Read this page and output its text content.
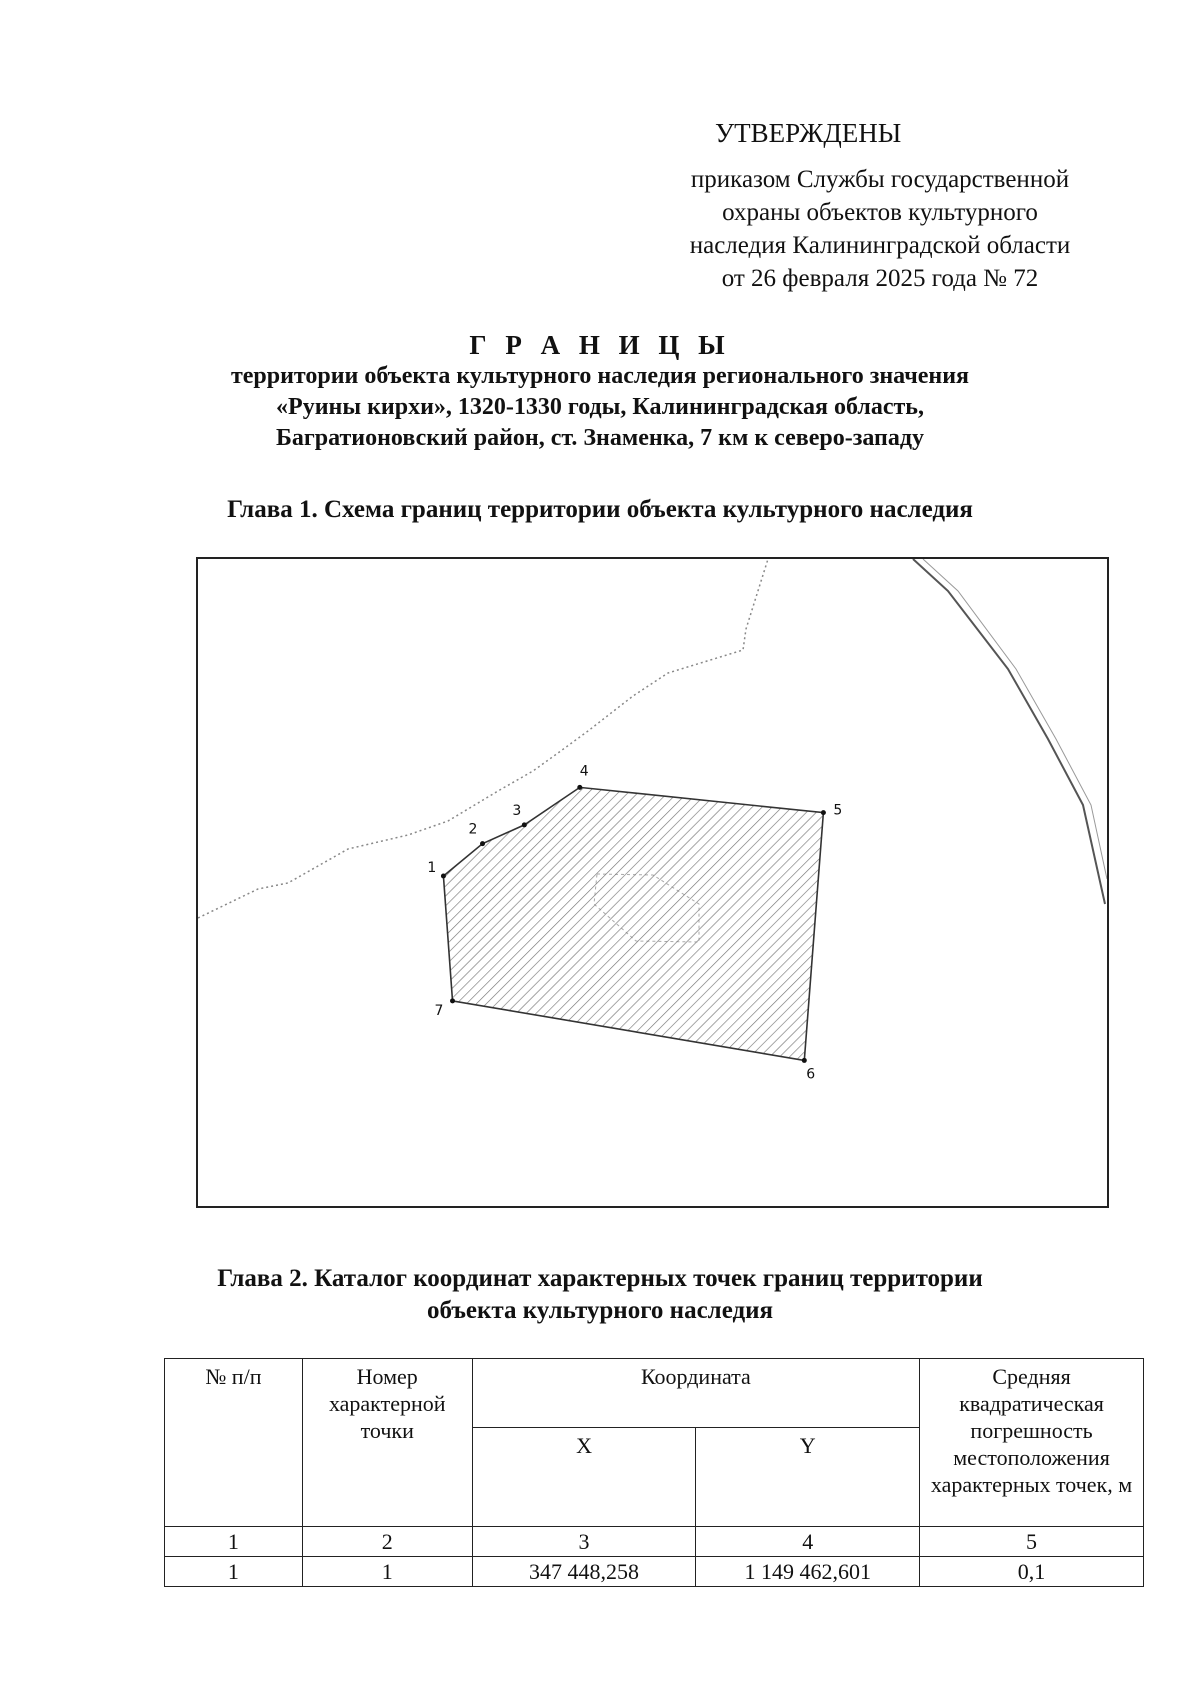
УТВЕРЖДЕНЫ
приказом Службы государственной
охраны объектов культурного
наследия Калининградской области
от 26 февраля 2025 года № 72
Г Р А Н И Ц Ы
территории объекта культурного наследия регионального значения
«Руины кирхи», 1320-1330 годы, Калининградская область,
Багратионовский район, ст. Знаменка, 7 км к северо-западу
Глава 1. Схема границ территории объекта культурного наследия
1
2
3
4
5
6
7
Глава 2. Каталог координат характерных точек границ территории
объекта культурного наследия
№ п/п	Номер характерной точки	Координата		Средняя квадратическая погрешность местоположения характерных точек, м
		X	Y	
1	2	3	4	5
1	1	347 448,258	1 149 462,601	0,1
